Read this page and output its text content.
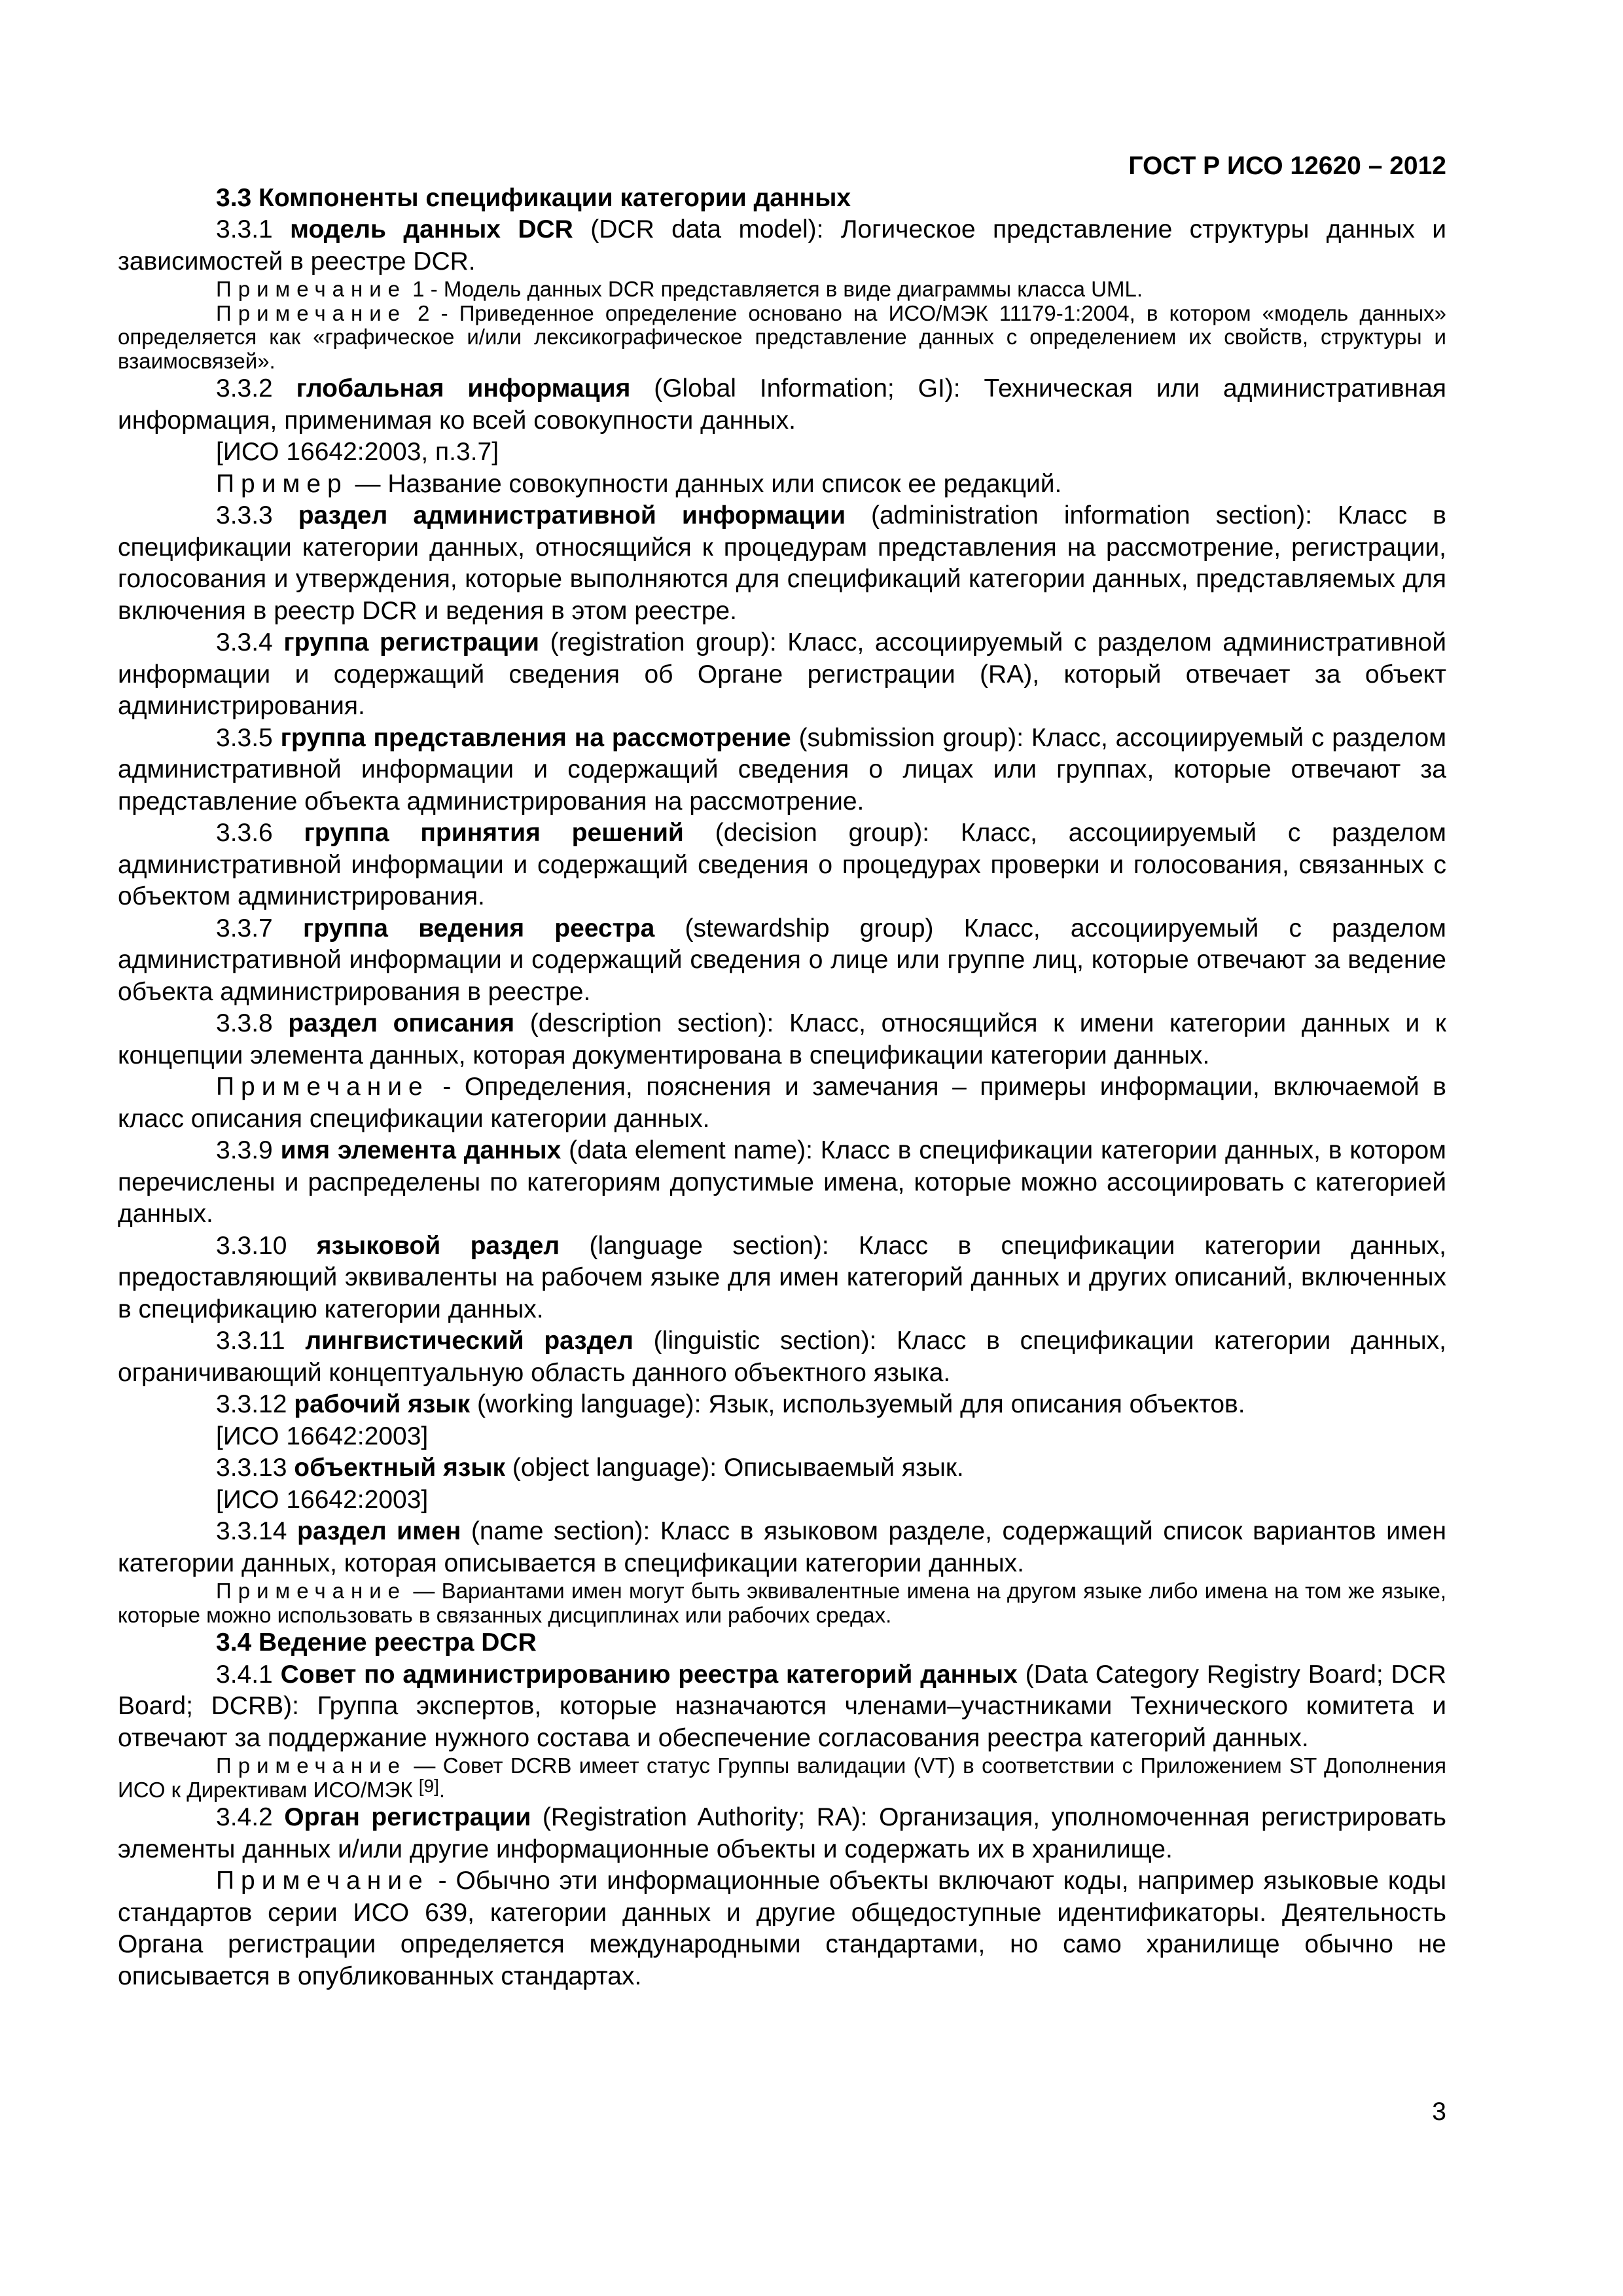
ГОСТ Р ИСО 12620 – 2012

3.3 Компоненты спецификации категории данных

3.3.1 модель данных DCR (DCR data model): Логическое представление структуры данных и зависимостей в реестре DCR.

Примечание 1 - Модель данных DCR представляется в виде диаграммы класса UML.

Примечание 2 - Приведенное определение основано на ИСО/МЭК 11179-1:2004, в котором «модель данных» определяется как «графическое и/или лексикографическое представление данных с определением их свойств, структуры и взаимосвязей».

3.3.2 глобальная информация (Global Information; GI): Техническая или административная информация, применимая ко всей совокупности данных.

[ИСО 16642:2003, п.3.7]

Пример — Название совокупности данных или список ее редакций.

3.3.3 раздел административной информации (administration information section): Класс в спецификации категории данных, относящийся к процедурам представления на рассмотрение, регистрации, голосования и утверждения, которые выполняются для спецификаций категории данных, представляемых для включения в реестр DCR и ведения в этом реестре.

3.3.4 группа регистрации (registration group): Класс, ассоциируемый с разделом административной информации и содержащий сведения об Органе регистрации (RA), который отвечает за объект администрирования.

3.3.5 группа представления на рассмотрение (submission group): Класс, ассоциируемый с разделом административной информации и содержащий сведения о лицах или группах, которые отвечают за представление объекта администрирования на рассмотрение.

3.3.6 группа принятия решений (decision group): Класс, ассоциируемый с разделом административной информации и содержащий сведения о процедурах проверки и голосования, связанных с объектом администрирования.

3.3.7 группа ведения реестра (stewardship group) Класс, ассоциируемый с разделом административной информации и содержащий сведения о лице или группе лиц, которые отвечают за ведение объекта администрирования в реестре.

3.3.8 раздел описания (description section): Класс, относящийся к имени категории данных и к концепции элемента данных, которая документирована в спецификации категории данных.

Примечание - Определения, пояснения и замечания – примеры информации, включаемой в класс описания спецификации категории данных.

3.3.9 имя элемента данных (data element name): Класс в спецификации категории данных, в котором перечислены и распределены по категориям допустимые имена, которые можно ассоциировать с категорией данных.

3.3.10 языковой раздел (language section): Класс в спецификации категории данных, предоставляющий эквиваленты на рабочем языке для имен категорий данных и других описаний, включенных в спецификацию категории данных.

3.3.11 лингвистический раздел (linguistic section): Класс в спецификации категории данных, ограничивающий концептуальную область данного объектного языка.

3.3.12 рабочий язык (working language): Язык, используемый для описания объектов.

[ИСО 16642:2003]

3.3.13 объектный язык (object language): Описываемый язык.

[ИСО 16642:2003]

3.3.14 раздел имен (name section): Класс в языковом разделе, содержащий список вариантов имен категории данных, которая описывается в спецификации категории данных.

Примечание — Вариантами имен могут быть эквивалентные имена на другом языке либо имена на том же языке, которые можно использовать в связанных дисциплинах или рабочих средах.

3.4 Ведение реестра DCR

3.4.1 Совет по администрированию реестра категорий данных (Data Category Registry Board; DCR Board; DCRB): Группа экспертов, которые назначаются членами–участниками Технического комитета и отвечают за поддержание нужного состава и обеспечение согласования реестра категорий данных.

Примечание — Совет DCRB имеет статус Группы валидации (VT) в соответствии с Приложением ST Дополнения ИСО к Директивам ИСО/МЭК [9].

3.4.2 Орган регистрации (Registration Authority; RA): Организация, уполномоченная регистрировать элементы данных и/или другие информационные объекты и содержать их в хранилище.

Примечание - Обычно эти информационные объекты включают коды, например языковые коды стандартов серии ИСО 639, категории данных и другие общедоступные идентификаторы. Деятельность Органа регистрации определяется международными стандартами, но само хранилище обычно не описывается в опубликованных стандартах.

3
